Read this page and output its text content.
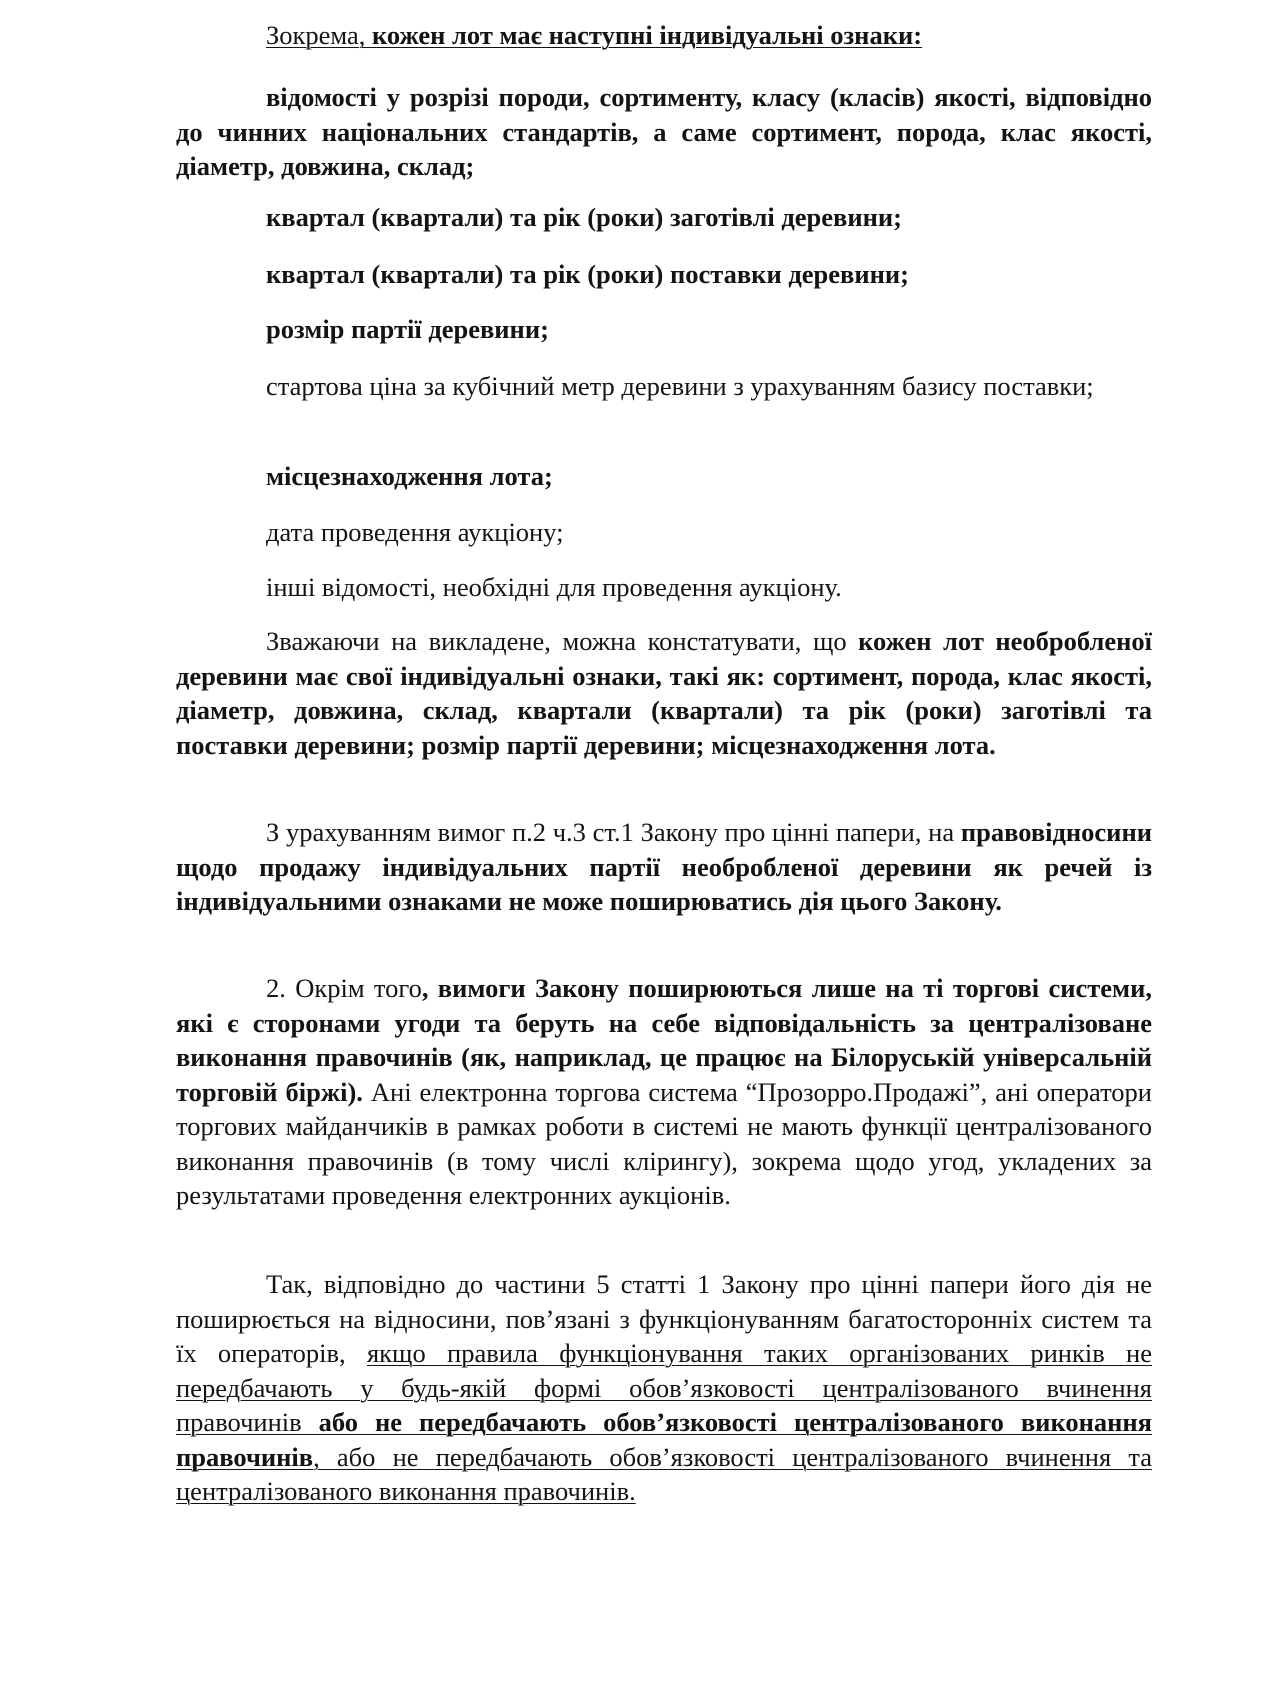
Зокрема, кожен лот має наступні індивідуальні ознаки:

відомості у розрізі породи, сортименту, класу (класів) якості, відповідно до чинних національних стандартів, а саме сортимент, порода, клас якості, діаметр, довжина, склад;

квартал (квартали) та рік (роки) заготівлі деревини;

квартал (квартали) та рік (роки) поставки деревини;

розмір партії деревини;

стартова ціна за кубічний метр деревини з урахуванням базису поставки;

місцезнаходження лота;

дата проведення аукціону;

інші відомості, необхідні для проведення аукціону.

Зважаючи на викладене, можна констатувати, що кожен лот необробленої деревини має свої індивідуальні ознаки, такі як: сортимент, порода, клас якості, діаметр, довжина, склад, квартали (квартали) та рік (роки) заготівлі та поставки деревини; розмір партії деревини; місцезнаходження лота.

З урахуванням вимог п.2 ч.3 ст.1 Закону про цінні папери, на правовідносини щодо продажу індивідуальних партії необробленої деревини як речей із індивідуальними ознаками не може поширюватись дія цього Закону.

2. Окрім того, вимоги Закону поширюються лише на ті торгові системи, які є сторонами угоди та беруть на себе відповідальність за централізоване виконання правочинів (як, наприклад, це працює на Білоруській універсальній торговій біржі). Ані електронна торгова система “Прозорро.Продажі”, ані оператори торгових майданчиків в рамках роботи в системі не мають функції централізованого виконання правочинів (в тому числі клірингу), зокрема щодо угод, укладених за результатами проведення електронних аукціонів.

Так, відповідно до частини 5 статті 1 Закону про цінні папери його дія не поширюється на відносини, пов’язані з функціонуванням багатосторонніх систем та їх операторів, якщо правила функціонування таких організованих ринків не передбачають у будь-якій формі обов’язковості централізованого вчинення правочинів або не передбачають обов’язковості централізованого виконання правочинів, або не передбачають обов’язковості централізованого вчинення та централізованого виконання правочинів.
